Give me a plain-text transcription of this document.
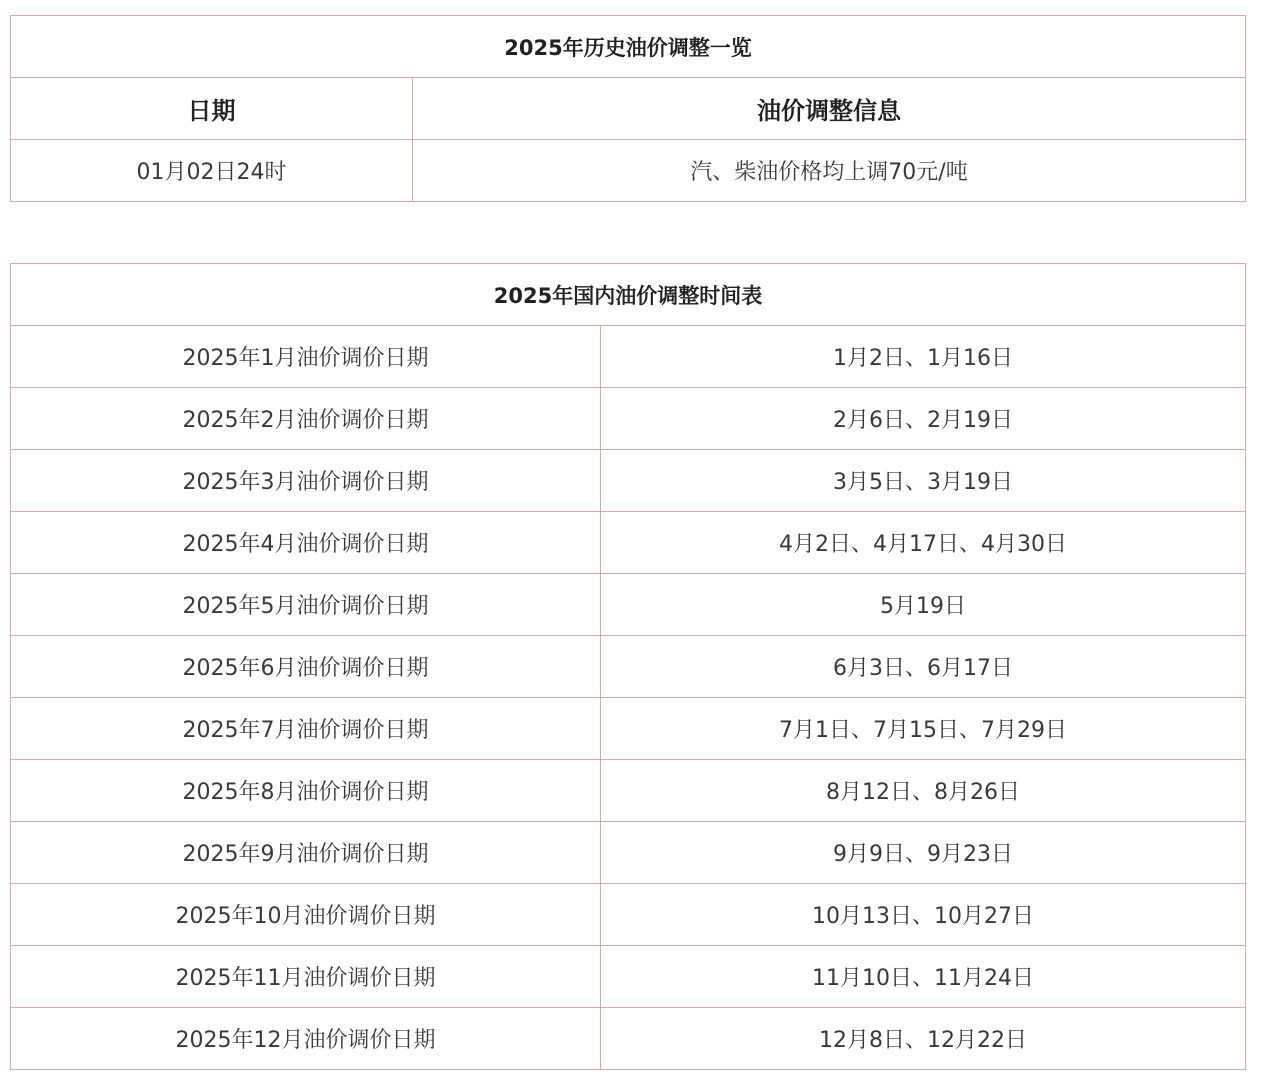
2025年历史油价调整一览	
日期	油价调整信息
01月02日24时	汽、柴油价格均上调70元/吨
2025年国内油价调整时间表	
2025年1月油价调价日期	1月2日、1月16日
2025年2月油价调价日期	2月6日、2月19日
2025年3月油价调价日期	3月5日、3月19日
2025年4月油价调价日期	4月2日、4月17日、4月30日
2025年5月油价调价日期	5月19日
2025年6月油价调价日期	6月3日、6月17日
2025年7月油价调价日期	7月1日、7月15日、7月29日
2025年8月油价调价日期	8月12日、8月26日
2025年9月油价调价日期	9月9日、9月23日
2025年10月油价调价日期	10月13日、10月27日
2025年11月油价调价日期	11月10日、11月24日
2025年12月油价调价日期	12月8日、12月22日
